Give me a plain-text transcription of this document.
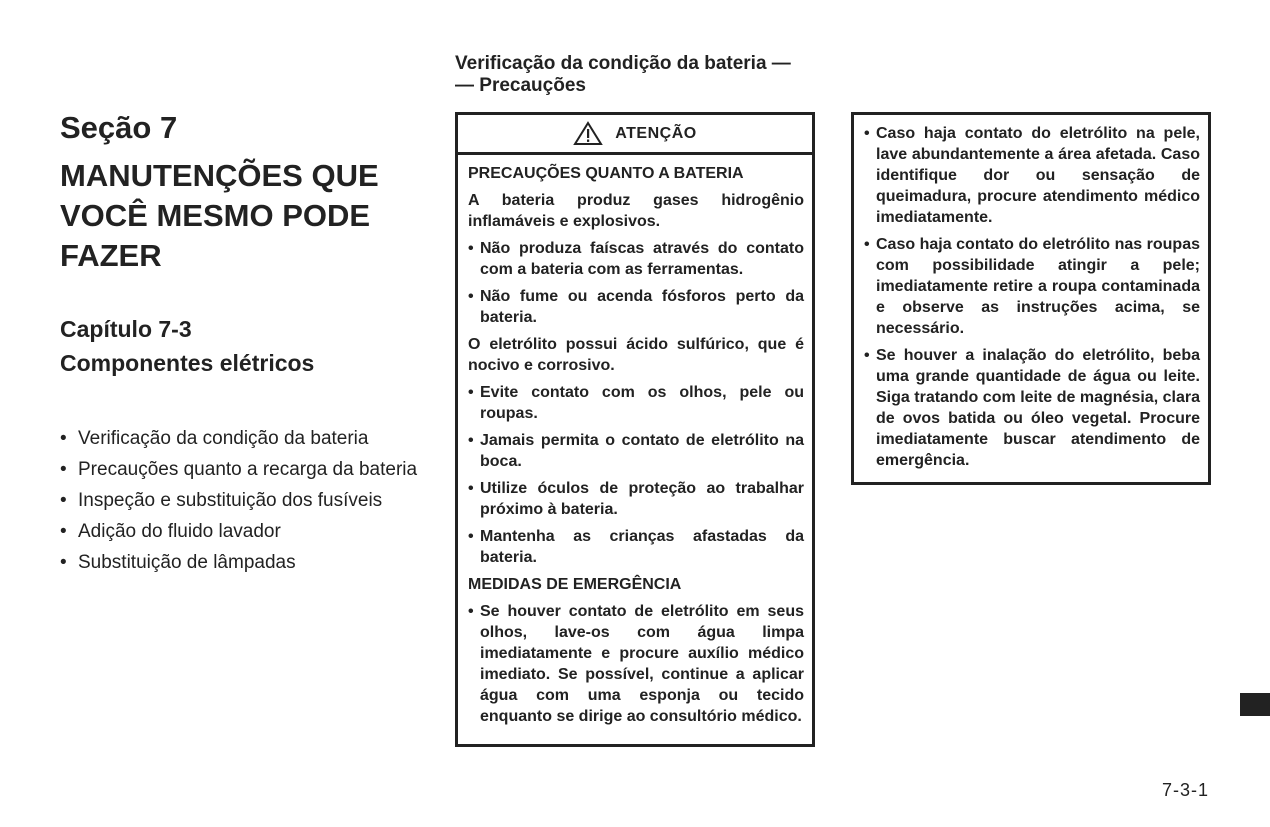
Seção 7
MANUTENÇÕES QUE
VOCÊ MESMO PODE
FAZER
Capítulo 7-3
Componentes elétricos
• Verificação da condição da bateria
• Precauções quanto a recarga da bateria
• Inspeção e substituição dos fusíveis
• Adição do fluido lavador
• Substituição de lâmpadas
Verificação da condição da bateria —
— Precauções
ATENÇÃO

PRECAUÇÕES QUANTO A BATERIA

A bateria produz gases hidrogênio inflamáveis e explosivos.

• Não produza faíscas através do contato com a bateria com as ferramentas.
• Não fume ou acenda fósforos perto da bateria.

O eletrólito possui ácido sulfúrico, que é nocivo e corrosivo.

• Evite contato com os olhos, pele ou roupas.
• Jamais permita o contato de eletrólito na boca.
• Utilize óculos de proteção ao trabalhar próximo à bateria.
• Mantenha as crianças afastadas da bateria.

MEDIDAS DE EMERGÊNCIA

• Se houver contato de eletrólito em seus olhos, lave-os com água limpa imediatamente e procure auxílio médico imediato. Se possível, continue a aplicar água com uma esponja ou tecido enquanto se dirige ao consultório médico.
• Caso haja contato do eletrólito na pele, lave abundantemente a área afetada. Caso identifique dor ou sensação de queimadura, procure atendimento médico imediatamente.
• Caso haja contato do eletrólito nas roupas com possibilidade atingir a pele; imediatamente retire a roupa contaminada e observe as instruções acima, se necessário.
• Se houver a inalação do eletrólito, beba uma grande quantidade de água ou leite. Siga tratando com leite de magnésia, clara de ovos batida ou óleo vegetal. Procure imediatamente buscar atendimento de emergência.
7-3-1
